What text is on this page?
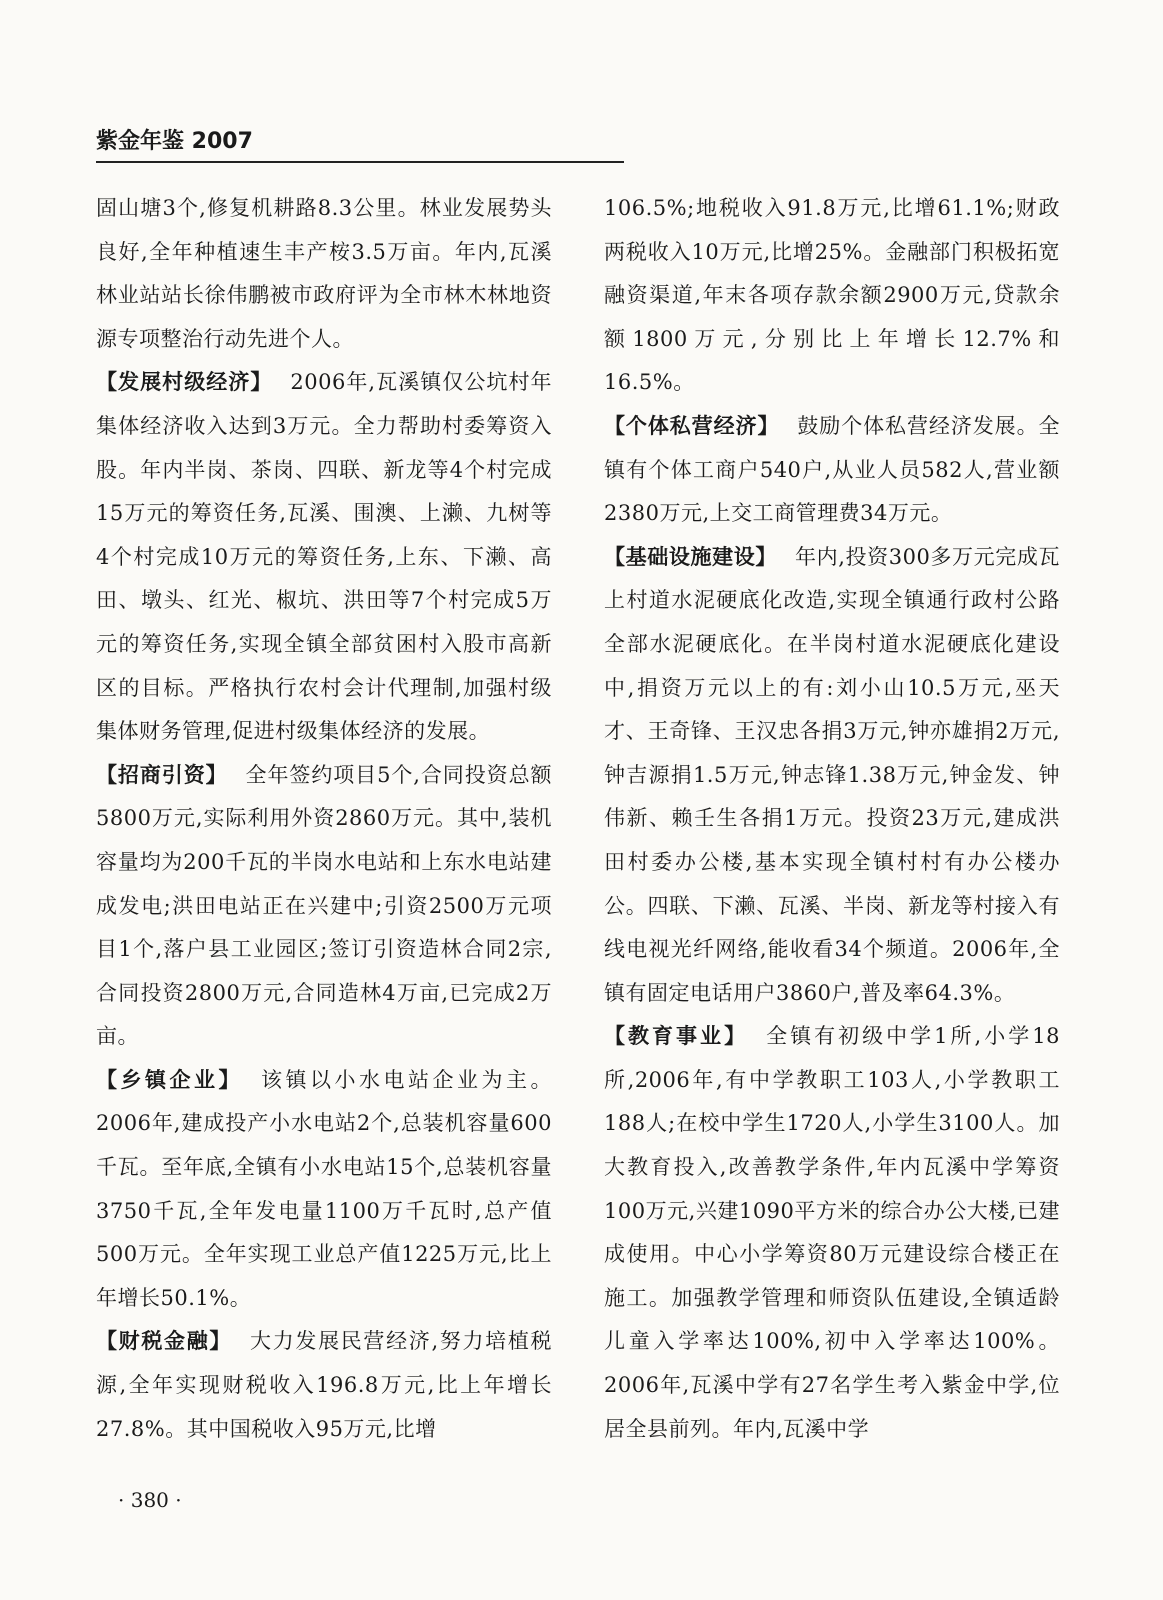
紫金年鉴 2007

固山塘3个,修复机耕路8.3公里。林业发展势头良好,全年种植速生丰产桉3.5万亩。年内,瓦溪林业站站长徐伟鹏被市政府评为全市林木林地资源专项整治行动先进个人。

【发展村级经济】 2006年,瓦溪镇仅公坑村年集体经济收入达到3万元。全力帮助村委筹资入股。年内半岗、茶岗、四联、新龙等4个村完成15万元的筹资任务,瓦溪、围澳、上濑、九树等4个村完成10万元的筹资任务,上东、下濑、高田、墩头、红光、椒坑、洪田等7个村完成5万元的筹资任务,实现全镇全部贫困村入股市高新区的目标。严格执行农村会计代理制,加强村级集体财务管理,促进村级集体经济的发展。

【招商引资】 全年签约项目5个,合同投资总额5800万元,实际利用外资2860万元。其中,装机容量均为200千瓦的半岗水电站和上东水电站建成发电;洪田电站正在兴建中;引资2500万元项目1个,落户县工业园区;签订引资造林合同2宗,合同投资2800万元,合同造林4万亩,已完成2万亩。

【乡镇企业】 该镇以小水电站企业为主。2006年,建成投产小水电站2个,总装机容量600千瓦。至年底,全镇有小水电站15个,总装机容量3750千瓦,全年发电量1100万千瓦时,总产值500万元。全年实现工业总产值1225万元,比上年增长50.1%。

【财税金融】 大力发展民营经济,努力培植税源,全年实现财税收入196.8万元,比上年增长27.8%。其中国税收入95万元,比增

106.5%;地税收入91.8万元,比增61.1%;财政两税收入10万元,比增25%。金融部门积极拓宽融资渠道,年末各项存款余额2900万元,贷款余额1800万元,分别比上年增长12.7%和16.5%。

【个体私营经济】 鼓励个体私营经济发展。全镇有个体工商户540户,从业人员582人,营业额2380万元,上交工商管理费34万元。

【基础设施建设】 年内,投资300多万元完成瓦上村道水泥硬底化改造,实现全镇通行政村公路全部水泥硬底化。在半岗村道水泥硬底化建设中,捐资万元以上的有:刘小山10.5万元,巫天才、王奇锋、王汉忠各捐3万元,钟亦雄捐2万元,钟吉源捐1.5万元,钟志锋1.38万元,钟金发、钟伟新、赖壬生各捐1万元。投资23万元,建成洪田村委办公楼,基本实现全镇村村有办公楼办公。四联、下濑、瓦溪、半岗、新龙等村接入有线电视光纤网络,能收看34个频道。2006年,全镇有固定电话用户3860户,普及率64.3%。

【教育事业】 全镇有初级中学1所,小学18所,2006年,有中学教职工103人,小学教职工188人;在校中学生1720人,小学生3100人。加大教育投入,改善教学条件,年内瓦溪中学筹资100万元,兴建1090平方米的综合办公大楼,已建成使用。中心小学筹资80万元建设综合楼正在施工。加强教学管理和师资队伍建设,全镇适龄儿童入学率达100%,初中入学率达100%。2006年,瓦溪中学有27名学生考入紫金中学,位居全县前列。年内,瓦溪中学

· 380 ·
